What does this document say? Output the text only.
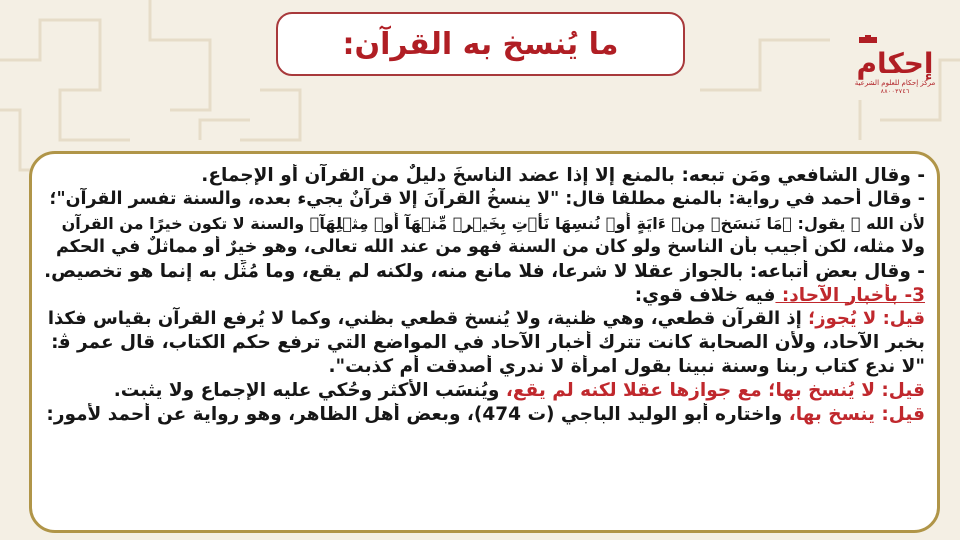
ما يُنسخ به القرآن:
إحكام
مركز إحكام للعلوم الشرعية
٨٨٠٠٣٧٤٦
- وقال الشافعي ومَن تبعه: بالمنع إلا إذا عضد الناسخَ دليلٌ من القرآن أو الإجماع.
- وقال أحمد في رواية: بالمنع مطلقا قال: "لا ينسخُ القرآنَ إلا قرآنٌ يجيء بعده، والسنة تفسر القرآن"؛
لأن الله ﷻ يقول: ﴿مَا نَنسَخۡ مِنۡ ءَايَةٍ أَوۡ نُنسِهَا نَأۡتِ بِخَيۡرٖ مِّنۡهَآ أَوۡ مِثۡلِهَآ﴾ والسنة لا تكون خيرًا من القرآن
ولا مثله، لكن أجيب بأن الناسخ ولو كان من السنة فهو من عند الله تعالى، وهو خيرٌ أو مماثلٌ في الحكم
- وقال بعض أتباعه: بالجواز عقلا لا شرعا، فلا مانع منه، ولكنه لم يقع، وما مُثِّل به إنما هو تخصيص.
3- بأخبار الآحاد: فيه خلاف قوي:
قيل: لا يُجوز؛ إذ القرآن قطعي، وهي ظنية، ولا يُنسخ قطعي بظني، وكما لا يُرفع القرآن بقياس فكذا
بخبر الآحاد، ولأن الصحابة كانت تترك أخبار الآحاد في المواضع التي ترفع حكم الكتاب، قال عمر ﭬ:
"لا ندع كتاب ربنا وسنة نبينا بقول امرأة لا ندري أصدقت أم كذبت".
قيل: لا يُنسخ بها؛ مع جوازها عقلا لكنه لم يقع، ويُنسَب الأكثر وحُكي عليه الإجماع ولا يثبت.
قيل: ينسخ بها، واختاره أبو الوليد الباجي (ت 474)، وبعض أهل الظاهر، وهو رواية عن أحمد لأمور:
